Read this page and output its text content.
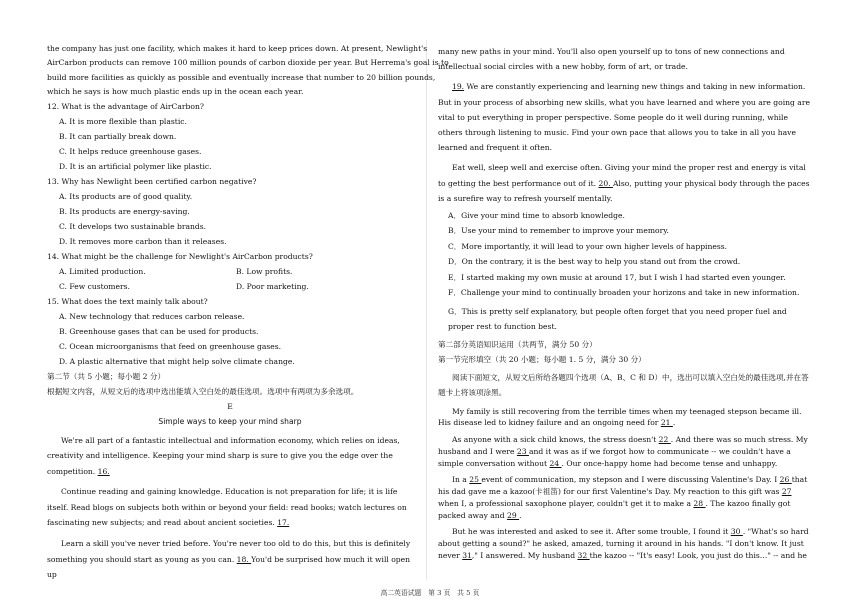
the company has just one facility, which makes it hard to keep prices down. At present, Newlight's

AirCarbon products can remove 100 million pounds of carbon dioxide per year. But Herrema's goal is to

build more facilities as quickly as possible and eventually increase that number to 20 billion pounds,

which he says is how much plastic ends up in the ocean each year.

12. What is the advantage of AirCarbon?

A. It is more flexible than plastic.

B. It can partially break down.

C. It helps reduce greenhouse gases.

D. It is an artificial polymer like plastic.

13. Why has Newlight been certified carbon negative?

A. Its products are of good quality.

B. Its products are energy-saving.

C. It develops two sustainable brands.

D. It removes more carbon than it releases.

14. What might be the challenge for Newlight's AirCarbon products?

A. Limited production.	B. Low profits.
C. Few customers.	D. Poor marketing.

15. What does the text mainly talk about?

A. New technology that reduces carbon release.

B. Greenhouse gases that can be used for products.

C. Ocean microorganisms that feed on greenhouse gases.

D. A plastic alternative that might help solve climate change.

第二节（共 5 小题；每小题 2 分）

根据短文内容，从短文后的选项中选出能填入空白处的最佳选项。选项中有两项为多余选项。

E

Simple ways to keep your mind sharp

We're all part of a fantastic intellectual and information economy, which relies on ideas, creativity and intelligence. Keeping your mind sharp is sure to give you the edge over the competition. 16.

Continue reading and gaining knowledge. Education is not preparation for life; it is life itself. Read blogs on subjects both within or beyond your field: read books; watch lectures on fascinating new subjects; and read about ancient societies. 17.

Learn a skill you've never tried before. You're never too old to do this, but this is definitely something you should start as young as you can. 18. You'd be surprised how much it will open up

many new paths in your mind. You'll also open yourself up to tons of new connections and intellectual social circles with a new hobby, form of art, or trade.

19. We are constantly experiencing and learning new things and taking in new information. But in your process of absorbing new skills, what you have learned and where you are going are vital to put everything in proper perspective. Some people do it well during running, while others through listening to music. Find your own pace that allows you to take in all you have learned and frequent it often.

Eat well, sleep well and exercise often. Giving your mind the proper rest and energy is vital to getting the best performance out of it. 20. Also, putting your physical body through the paces is a surefire way to refresh yourself mentally.

A．Give your mind time to absorb knowledge.

B．Use your mind to remember to improve your memory.

C．More importantly, it will lead to your own higher levels of happiness.

D．On the contrary, it is the best way to help you stand out from the crowd.

E．I started making my own music at around 17, but I wish I had started even younger.

F．Challenge your mind to continually broaden your horizons and take in new information.

G．This is pretty self explanatory, but people often forget that you need proper fuel and proper rest to function best.

第二部分英语知识运用（共两节，满分 50 分）

第一节完形填空（共 20 小题；每小题 1. 5 分，满分 30 分）

阅读下面短文，从短文后所给各题四个选项（A、B、C 和 D）中，选出可以填入空白处的最佳选项,并在答题卡上将该项涂黑。

My family is still recovering from the terrible times when my teenaged stepson became ill. His disease led to kidney failure and an ongoing need for 21 .

As anyone with a sick child knows, the stress doesn't 22 . And there was so much stress. My husband and I were 23 and it was as if we forgot how to communicate -- we couldn't have a simple conversation without 24 . Our once-happy home had become tense and unhappy.

In a 25 event of communication, my stepson and I were discussing Valentine's Day. I 26 that his dad gave me a kazoo(卡祖笛) for our first Valentine's Day. My reaction to this gift was 27 when I, a professional saxophone player, couldn't get it to make a 28 . The kazoo finally got packed away and 29 .

But he was interested and asked to see it. After some trouble, I found it 30 . "What's so hard about getting a sound?" he asked, amazed, turning it around in his hands. "I don't know. It just never 31," I answered. My husband 32 the kazoo -- "It's easy! Look, you just do this…" -- and he

高二英语试题　第 3 页　共 5 页
